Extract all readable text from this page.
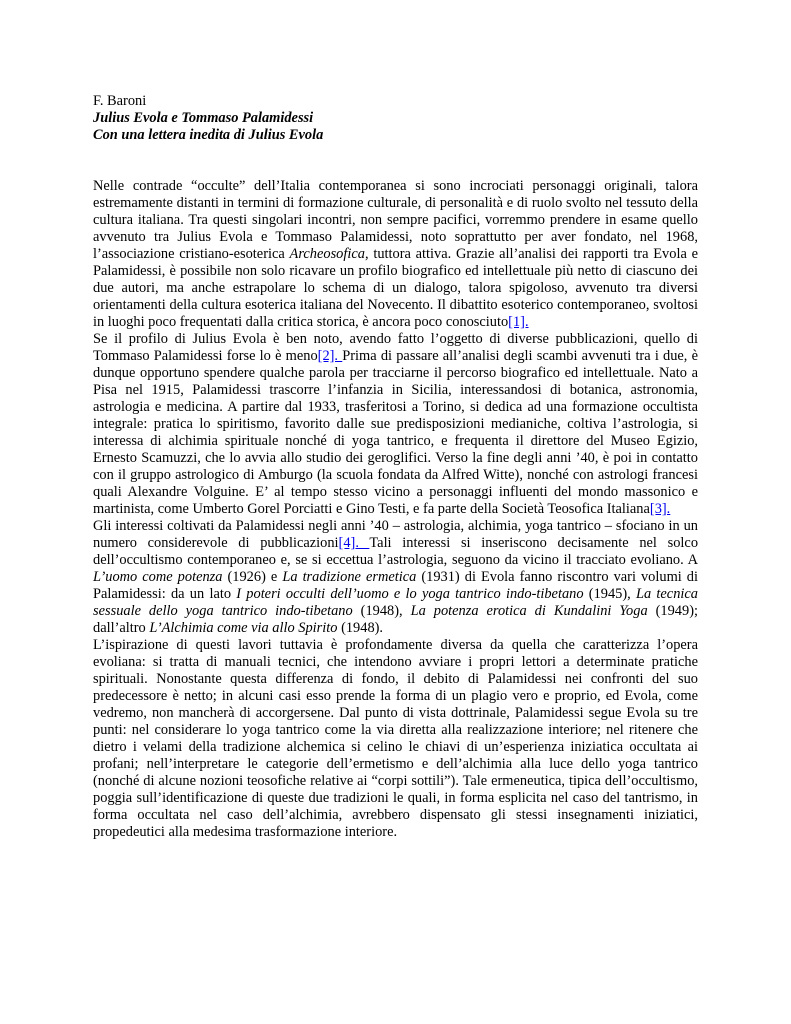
F. Baroni
Julius Evola e Tommaso Palamidessi
Con una lettera inedita di Julius Evola

Nelle contrade “occulte” dell’Italia contemporanea si sono incrociati personaggi originali, talora estremamente distanti in termini di formazione culturale, di personalità e di ruolo svolto nel tessuto della cultura italiana. Tra questi singolari incontri, non sempre pacifici, vorremmo prendere in esame quello avvenuto tra Julius Evola e Tommaso Palamidessi, noto soprattutto per aver fondato, nel 1968, l’associazione cristiano-esoterica Archeosofica, tuttora attiva. Grazie all’analisi dei rapporti tra Evola e Palamidessi, è possibile non solo ricavare un profilo biografico ed intellettuale più netto di ciascuno dei due autori, ma anche estrapolare lo schema di un dialogo, talora spigoloso, avvenuto tra diversi orientamenti della cultura esoterica italiana del Novecento. Il dibattito esoterico contemporaneo, svoltosi in luoghi poco frequentati dalla critica storica, è ancora poco conosciuto[1].

Se il profilo di Julius Evola è ben noto, avendo fatto l’oggetto di diverse pubblicazioni, quello di Tommaso Palamidessi forse lo è meno[2]. Prima di passare all’analisi degli scambi avvenuti tra i due, è dunque opportuno spendere qualche parola per tracciarne il percorso biografico ed intellettuale. Nato a Pisa nel 1915, Palamidessi trascorre l’infanzia in Sicilia, interessandosi di botanica, astronomia, astrologia e medicina. A partire dal 1933, trasferitosi a Torino, si dedica ad una formazione occultista integrale: pratica lo spiritismo, favorito dalle sue predisposizioni medianiche, coltiva l’astrologia, si interessa di alchimia spirituale nonché di yoga tantrico, e frequenta il direttore del Museo Egizio, Ernesto Scamuzzi, che lo avvia allo studio dei geroglifici. Verso la fine degli anni ’40, è poi in contatto con il gruppo astrologico di Amburgo (la scuola fondata da Alfred Witte), nonché con astrologi francesi quali Alexandre Volguine. E’ al tempo stesso vicino a personaggi influenti del mondo massonico e martinista, come Umberto Gorel Porciatti e Gino Testi, e fa parte della Società Teosofica Italiana[3].

Gli interessi coltivati da Palamidessi negli anni ’40 – astrologia, alchimia, yoga tantrico – sfociano in un numero considerevole di pubblicazioni[4]. Tali interessi si inseriscono decisamente nel solco dell’occultismo contemporaneo e, se si eccettua l’astrologia, seguono da vicino il tracciato evoliano. A L’uomo come potenza (1926) e La tradizione ermetica (1931) di Evola fanno riscontro vari volumi di Palamidessi: da un lato I poteri occulti dell’uomo e lo yoga tantrico indo-tibetano (1945), La tecnica sessuale dello yoga tantrico indo-tibetano (1948), La potenza erotica di Kundalini Yoga (1949); dall’altro L’Alchimia come via allo Spirito (1948).

L’ispirazione di questi lavori tuttavia è profondamente diversa da quella che caratterizza l’opera evoliana: si tratta di manuali tecnici, che intendono avviare i propri lettori a determinate pratiche spirituali. Nonostante questa differenza di fondo, il debito di Palamidessi nei confronti del suo predecessore è netto; in alcuni casi esso prende la forma di un plagio vero e proprio, ed Evola, come vedremo, non mancherà di accorgersene. Dal punto di vista dottrinale, Palamidessi segue Evola su tre punti: nel considerare lo yoga tantrico come la via diretta alla realizzazione interiore; nel ritenere che dietro i velami della tradizione alchemica si celino le chiavi di un’esperienza iniziatica occultata ai profani; nell’interpretare le categorie dell’ermetismo e dell’alchimia alla luce dello yoga tantrico (nonché di alcune nozioni teosofiche relative ai “corpi sottili”). Tale ermeneutica, tipica dell’occultismo, poggia sull’identificazione di queste due tradizioni le quali, in forma esplicita nel caso del tantrismo, in forma occultata nel caso dell’alchimia, avrebbero dispensato gli stessi insegnamenti iniziatici, propedeutici alla medesima trasformazione interiore.
